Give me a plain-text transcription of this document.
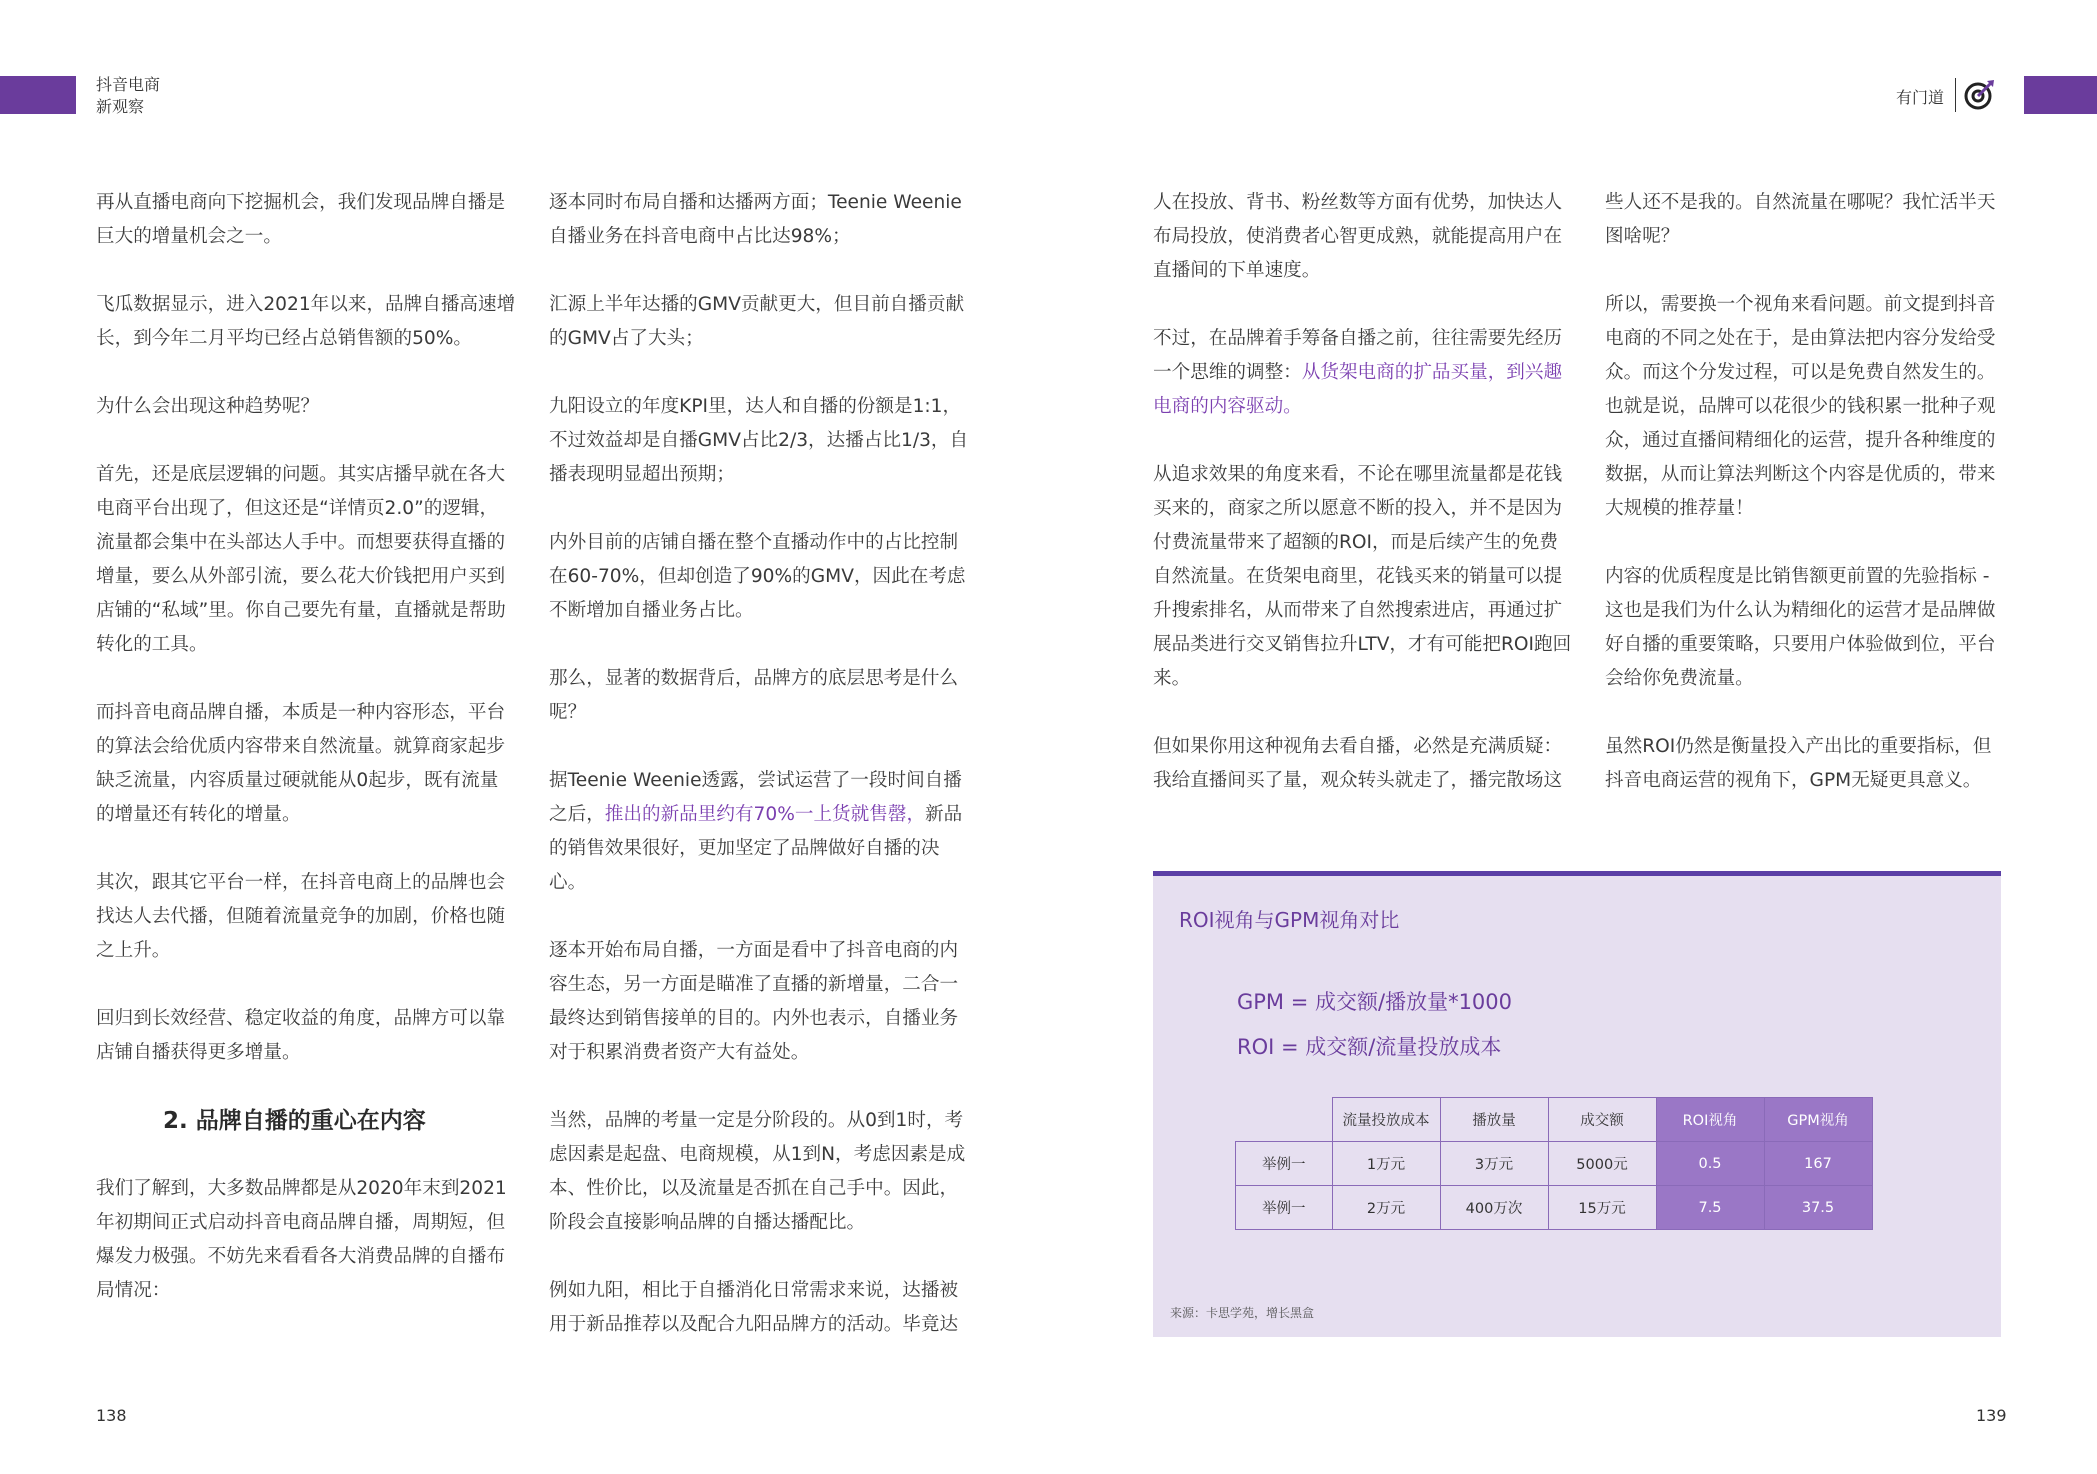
抖音电商
新观察	有门道

再从直播电商向下挖掘机会，我们发现品牌自播是巨大的增量机会之一。

飞瓜数据显示，进入2021年以来，品牌自播高速增长，到今年二月平均已经占总销售额的50%。

为什么会出现这种趋势呢？

首先，还是底层逻辑的问题。其实店播早就在各大电商平台出现了，但这还是“详情页2.0”的逻辑，流量都会集中在头部达人手中。而想要获得直播的增量，要么从外部引流，要么花大价钱把用户买到店铺的“私域”里。你自己要先有量，直播就是帮助转化的工具。

而抖音电商品牌自播，本质是一种内容形态，平台的算法会给优质内容带来自然流量。就算商家起步缺乏流量，内容质量过硬就能从0起步，既有流量的增量还有转化的增量。

其次，跟其它平台一样，在抖音电商上的品牌也会找达人去代播，但随着流量竞争的加剧，价格也随之上升。

回归到长效经营、稳定收益的角度，品牌方可以靠店铺自播获得更多增量。

2. 品牌自播的重心在内容

我们了解到，大多数品牌都是从2020年末到2021年初期间正式启动抖音电商品牌自播，周期短，但爆发力极强。不妨先来看看各大消费品牌的自播布局情况：

逐本同时布局自播和达播两方面；Teenie Weenie自播业务在抖音电商中占比达98%；

汇源上半年达播的GMV贡献更大，但目前自播贡献的GMV占了大头；

九阳设立的年度KPI里，达人和自播的份额是1:1，不过效益却是自播GMV占比2/3，达播占比1/3，自播表现明显超出预期；

内外目前的店铺自播在整个直播动作中的占比控制在60-70%，但却创造了90%的GMV，因此在考虑不断增加自播业务占比。

那么，显著的数据背后，品牌方的底层思考是什么呢？

据Teenie Weenie透露，尝试运营了一段时间自播之后，推出的新品里约有70%一上货就售罄，新品的销售效果很好，更加坚定了品牌做好自播的决心。

逐本开始布局自播，一方面是看中了抖音电商的内容生态，另一方面是瞄准了直播的新增量，二合一最终达到销售接单的目的。内外也表示，自播业务对于积累消费者资产大有益处。

当然，品牌的考量一定是分阶段的。从0到1时，考虑因素是起盘、电商规模，从1到N，考虑因素是成本、性价比，以及流量是否抓在自己手中。因此，阶段会直接影响品牌的自播达播配比。

例如九阳，相比于自播消化日常需求来说，达播被用于新品推荐以及配合九阳品牌方的活动。毕竟达

人在投放、背书、粉丝数等方面有优势，加快达人布局投放，使消费者心智更成熟，就能提高用户在直播间的下单速度。

不过，在品牌着手筹备自播之前，往往需要先经历一个思维的调整：从货架电商的扩品买量，到兴趣电商的内容驱动。

从追求效果的角度来看，不论在哪里流量都是花钱买来的，商家之所以愿意不断的投入，并不是因为付费流量带来了超额的ROI，而是后续产生的免费自然流量。在货架电商里，花钱买来的销量可以提升搜索排名，从而带来了自然搜索进店，再通过扩展品类进行交叉销售拉升LTV，才有可能把ROI跑回来。

但如果你用这种视角去看自播，必然是充满质疑：我给直播间买了量，观众转头就走了，播完散场这

些人还不是我的。自然流量在哪呢？我忙活半天图啥呢？

所以，需要换一个视角来看问题。前文提到抖音电商的不同之处在于，是由算法把内容分发给受众。而这个分发过程，可以是免费自然发生的。也就是说，品牌可以花很少的钱积累一批种子观众，通过直播间精细化的运营，提升各种维度的数据，从而让算法判断这个内容是优质的，带来大规模的推荐量！

内容的优质程度是比销售额更前置的先验指标 - 这也是我们为什么认为精细化的运营才是品牌做好自播的重要策略，只要用户体验做到位，平台会给你免费流量。

虽然ROI仍然是衡量投入产出比的重要指标，但抖音电商运营的视角下，GPM无疑更具意义。

ROI视角与GPM视角对比
GPM = 成交额/播放量*1000
ROI = 成交额/流量投放成本
	流量投放成本	播放量	成交额	ROI视角	GPM视角
举例一	1万元	3万元	5000元	0.5	167
举例一	2万元	400万次	15万元	7.5	37.5
来源：卡思学苑，增长黑盒
138	139
